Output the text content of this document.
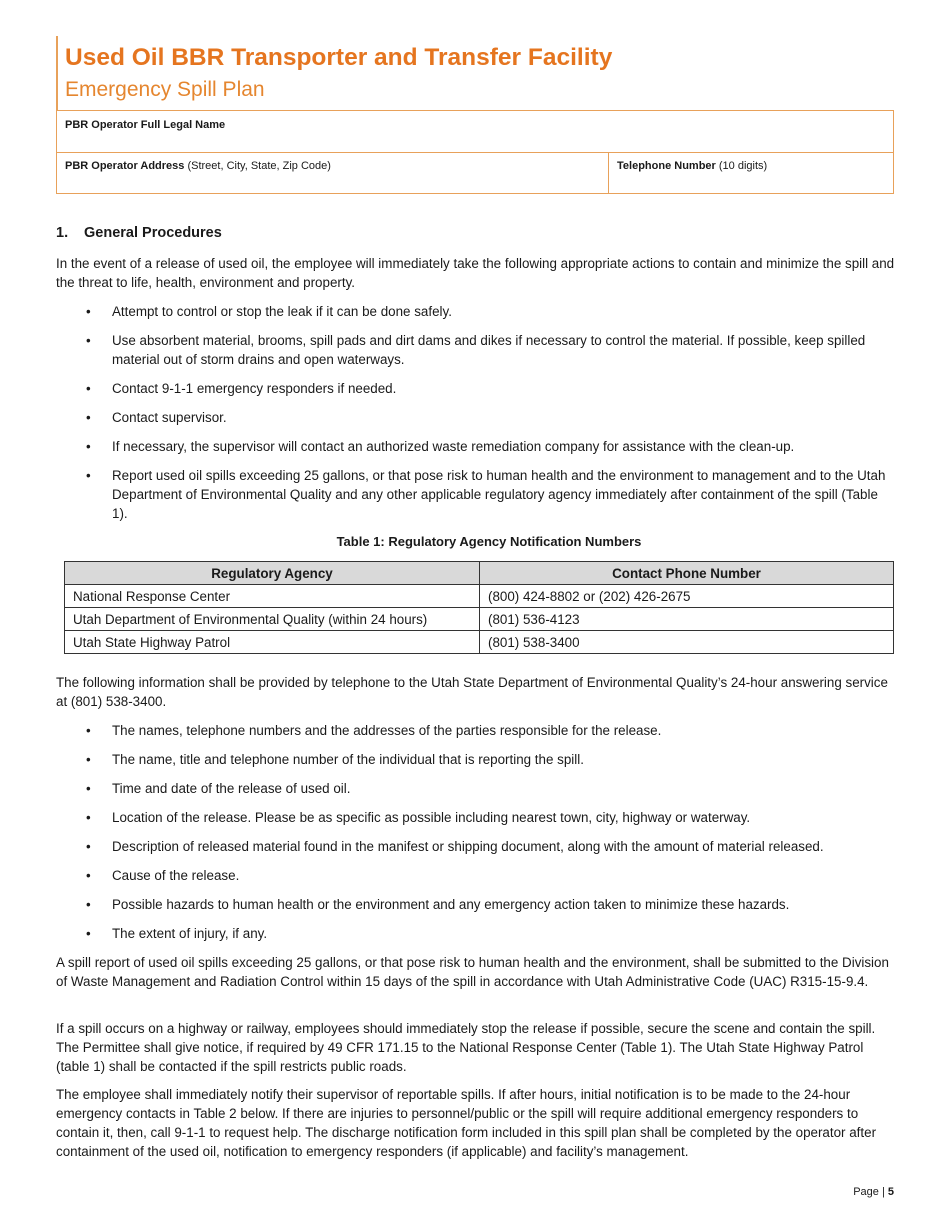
Used Oil BBR Transporter and Transfer Facility
Emergency Spill Plan
PBR Operator Full Legal Name
PBR Operator Address (Street, City, State, Zip Code)	Telephone Number (10 digits)
1. General Procedures
In the event of a release of used oil, the employee will immediately take the following appropriate actions to contain and minimize the spill and the threat to life, health, environment and property.
• Attempt to control or stop the leak if it can be done safely.
• Use absorbent material, brooms, spill pads and dirt dams and dikes if necessary to control the material. If possible, keep spilled material out of storm drains and open waterways.
• Contact 9-1-1 emergency responders if needed.
• Contact supervisor.
• If necessary, the supervisor will contact an authorized waste remediation company for assistance with the clean-up.
• Report used oil spills exceeding 25 gallons, or that pose risk to human health and the environment to management and to the Utah Department of Environmental Quality and any other applicable regulatory agency immediately after containment of the spill (Table 1).
Table 1: Regulatory Agency Notification Numbers
Regulatory Agency	Contact Phone Number
National Response Center	(800) 424-8802 or (202) 426-2675
Utah Department of Environmental Quality (within 24 hours)	(801) 536-4123
Utah State Highway Patrol	(801) 538-3400
The following information shall be provided by telephone to the Utah State Department of Environmental Quality’s 24-hour answering service at (801) 538-3400.
• The names, telephone numbers and the addresses of the parties responsible for the release.
• The name, title and telephone number of the individual that is reporting the spill.
• Time and date of the release of used oil.
• Location of the release. Please be as specific as possible including nearest town, city, highway or waterway.
• Description of released material found in the manifest or shipping document, along with the amount of material released.
• Cause of the release.
• Possible hazards to human health or the environment and any emergency action taken to minimize these hazards.
• The extent of injury, if any.
A spill report of used oil spills exceeding 25 gallons, or that pose risk to human health and the environment, shall be submitted to the Division of Waste Management and Radiation Control within 15 days of the spill in accordance with Utah Administrative Code (UAC) R315-15-9.4.
If a spill occurs on a highway or railway, employees should immediately stop the release if possible, secure the scene and contain the spill. The Permittee shall give notice, if required by 49 CFR 171.15 to the National Response Center (Table 1). The Utah State Highway Patrol (table 1) shall be contacted if the spill restricts public roads.
The employee shall immediately notify their supervisor of reportable spills. If after hours, initial notification is to be made to the 24-hour emergency contacts in Table 2 below. If there are injuries to personnel/public or the spill will require additional emergency responders to contain it, then, call 9-1-1 to request help. The discharge notification form included in this spill plan shall be completed by the operator after containment of the used oil, notification to emergency responders (if applicable) and facility’s management.
Page | 5
